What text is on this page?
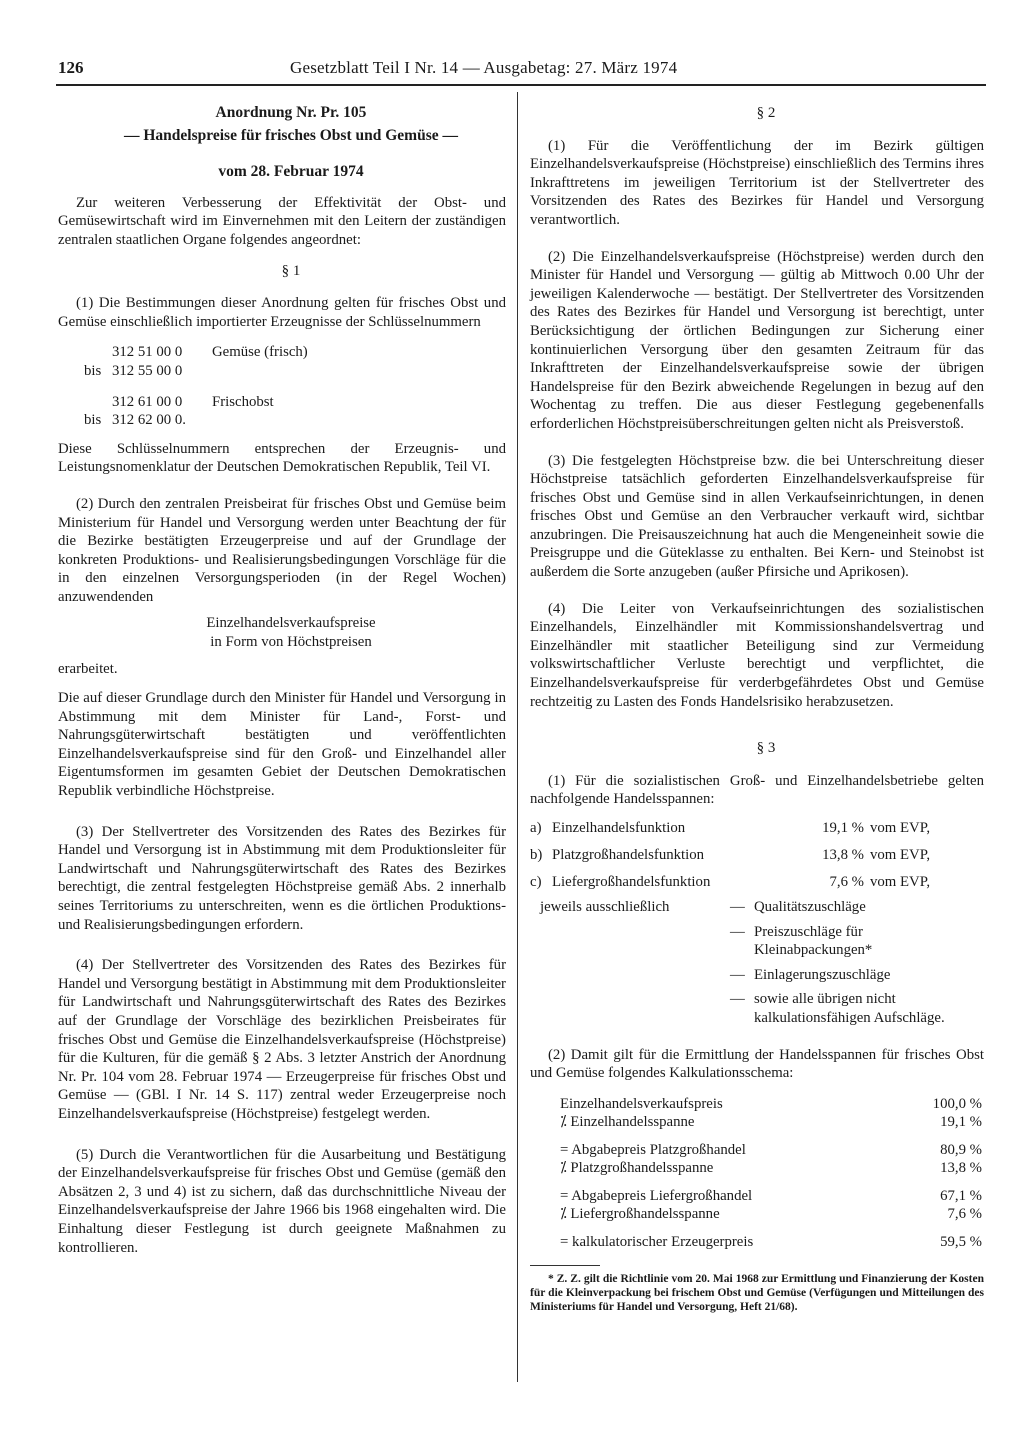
126	Gesetzblatt Teil I Nr. 14 — Ausgabetag: 27. März 1974

Anordnung Nr. Pr. 105

— Handelspreise für frisches Obst und Gemüse —

vom 28. Februar 1974

Zur weiteren Verbesserung der Effektivität der Obst- und Gemüsewirtschaft wird im Einvernehmen mit den Leitern der zuständigen zentralen staatlichen Organe folgendes angeordnet:

§ 1

(1) Die Bestimmungen dieser Anordnung gelten für frisches Obst und Gemüse einschließlich importierter Erzeugnisse der Schlüsselnummern

312 51 00 0	Gemüse (frisch)
bis 312 55 00 0
312 61 00 0	Frischobst
bis 312 62 00 0.

Diese Schlüsselnummern entsprechen der Erzeugnis- und Leistungsnomenklatur der Deutschen Demokratischen Republik, Teil VI.

(2) Durch den zentralen Preisbeirat für frisches Obst und Gemüse beim Ministerium für Handel und Versorgung werden unter Beachtung der für die Bezirke bestätigten Erzeugerpreise und auf der Grundlage der konkreten Produktions- und Realisierungsbedingungen Vorschläge für die in den einzelnen Versorgungsperioden (in der Regel Wochen) anzuwendenden

Einzelhandelsverkaufspreise

in Form von Höchstpreisen

erarbeitet.

Die auf dieser Grundlage durch den Minister für Handel und Versorgung in Abstimmung mit dem Minister für Land-, Forst- und Nahrungsgüterwirtschaft bestätigten und veröffentlichten Einzelhandelsverkaufspreise sind für den Groß- und Einzelhandel aller Eigentumsformen im gesamten Gebiet der Deutschen Demokratischen Republik verbindliche Höchstpreise.

(3) Der Stellvertreter des Vorsitzenden des Rates des Bezirkes für Handel und Versorgung ist in Abstimmung mit dem Produktionsleiter für Landwirtschaft und Nahrungsgüterwirtschaft des Rates des Bezirkes berechtigt, die zentral festgelegten Höchstpreise gemäß Abs. 2 innerhalb seines Territoriums zu unterschreiten, wenn es die örtlichen Produktions- und Realisierungsbedingungen erfordern.

(4) Der Stellvertreter des Vorsitzenden des Rates des Bezirkes für Handel und Versorgung bestätigt in Abstimmung mit dem Produktionsleiter für Landwirtschaft und Nahrungsgüterwirtschaft des Rates des Bezirkes auf der Grundlage der Vorschläge des bezirklichen Preisbeirates für frisches Obst und Gemüse die Einzelhandelsverkaufspreise (Höchstpreise) für die Kulturen, für die gemäß § 2 Abs. 3 letzter Anstrich der Anordnung Nr. Pr. 104 vom 28. Februar 1974 — Erzeugerpreise für frisches Obst und Gemüse — (GBl. I Nr. 14 S. 117) zentral weder Erzeugerpreise noch Einzelhandelsverkaufspreise (Höchstpreise) festgelegt werden.

(5) Durch die Verantwortlichen für die Ausarbeitung und Bestätigung der Einzelhandelsverkaufspreise für frisches Obst und Gemüse (gemäß den Absätzen 2, 3 und 4) ist zu sichern, daß das durchschnittliche Niveau der Einzelhandelsverkaufspreise der Jahre 1966 bis 1968 eingehalten wird. Die Einhaltung dieser Festlegung ist durch geeignete Maßnahmen zu kontrollieren.

§ 2

(1) Für die Veröffentlichung der im Bezirk gültigen Einzelhandelsverkaufspreise (Höchstpreise) einschließlich des Termins ihres Inkrafttretens im jeweiligen Territorium ist der Stellvertreter des Vorsitzenden des Rates des Bezirkes für Handel und Versorgung verantwortlich.

(2) Die Einzelhandelsverkaufspreise (Höchstpreise) werden durch den Minister für Handel und Versorgung — gültig ab Mittwoch 0.00 Uhr der jeweiligen Kalenderwoche — bestätigt. Der Stellvertreter des Vorsitzenden des Rates des Bezirkes für Handel und Versorgung ist berechtigt, unter Berücksichtigung der örtlichen Bedingungen zur Sicherung einer kontinuierlichen Versorgung über den gesamten Zeitraum für das Inkrafttreten der Einzelhandelsverkaufspreise sowie der übrigen Handelspreise für den Bezirk abweichende Regelungen in bezug auf den Wochentag zu treffen. Die aus dieser Festlegung gegebenenfalls erforderlichen Höchstpreisüberschreitungen gelten nicht als Preisverstoß.

(3) Die festgelegten Höchstpreise bzw. die bei Unterschreitung dieser Höchstpreise tatsächlich geforderten Einzelhandelsverkaufspreise für frisches Obst und Gemüse sind in allen Verkaufseinrichtungen, in denen frisches Obst und Gemüse an den Verbraucher verkauft wird, sichtbar anzubringen. Die Preisauszeichnung hat auch die Mengeneinheit sowie die Preisgruppe und die Güteklasse zu enthalten. Bei Kern- und Steinobst ist außerdem die Sorte anzugeben (außer Pfirsiche und Aprikosen).

(4) Die Leiter von Verkaufseinrichtungen des sozialistischen Einzelhandels, Einzelhändler mit Kommissionshandelsvertrag und Einzelhändler mit staatlicher Beteiligung sind zur Vermeidung volkswirtschaftlicher Verluste berechtigt und verpflichtet, die Einzelhandelsverkaufspreise für verderbgefährdetes Obst und Gemüse rechtzeitig zu Lasten des Fonds Handelsrisiko herabzusetzen.

§ 3

(1) Für die sozialistischen Groß- und Einzelhandelsbetriebe gelten nachfolgende Handelsspannen:

a) Einzelhandelsfunktion	19,1 % vom EVP,
b) Platzgroßhandelsfunktion	13,8 % vom EVP,
c) Liefergroßhandelsfunktion	7,6 % vom EVP,
jeweils ausschließlich	— Qualitätszuschläge
— Preiszuschläge für Kleinabpackungen*
— Einlagerungszuschläge
— sowie alle übrigen nicht kalkulationsfähigen Aufschläge.

(2) Damit gilt für die Ermittlung der Handelsspannen für frisches Obst und Gemüse folgendes Kalkulationsschema:

Einzelhandelsverkaufspreis	100,0 %
⁒ Einzelhandelsspanne	19,1 %
= Abgabepreis Platzgroßhandel	80,9 %
⁒ Platzgroßhandelsspanne	13,8 %
= Abgabepreis Liefergroßhandel	67,1 %
⁒ Liefergroßhandelsspanne	7,6 %
= kalkulatorischer Erzeugerpreis	59,5 %

* Z. Z. gilt die Richtlinie vom 20. Mai 1968 zur Ermittlung und Finanzierung der Kosten für die Kleinverpackung bei frischem Obst und Gemüse (Verfügungen und Mitteilungen des Ministeriums für Handel und Versorgung, Heft 21/68).
